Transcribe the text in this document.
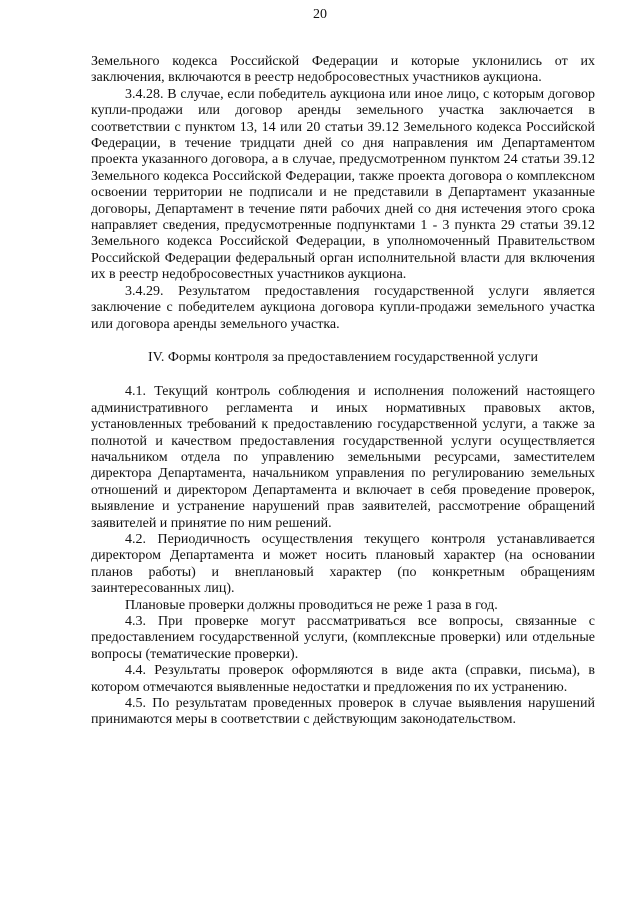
20

Земельного кодекса Российской Федерации и которые уклонились от их заключения, включаются в реестр недобросовестных участников аукциона.

3.4.28. В случае, если победитель аукциона или иное лицо, с которым договор купли-продажи или договор аренды земельного участка заключается в соответствии с пунктом 13, 14 или 20 статьи 39.12 Земельного кодекса Российской Федерации, в течение тридцати дней со дня направления им Департаментом проекта указанного договора, а в случае, предусмотренном пунктом 24 статьи 39.12 Земельного кодекса Российской Федерации, также проекта договора о комплексном освоении территории не подписали и не представили в Департамент указанные договоры, Департамент в течение пяти рабочих дней со дня истечения этого срока направляет сведения, предусмотренные подпунктами 1 - 3 пункта 29 статьи 39.12 Земельного кодекса Российской Федерации, в уполномоченный Правительством Российской Федерации федеральный орган исполнительной власти для включения их в реестр недобросовестных участников аукциона.

3.4.29. Результатом предоставления государственной услуги является заключение с победителем аукциона договора купли-продажи земельного участка или договора аренды земельного участка.

IV. Формы контроля за предоставлением государственной услуги

4.1. Текущий контроль соблюдения и исполнения положений настоящего административного регламента и иных нормативных правовых актов, установленных требований к предоставлению государственной услуги, а также за полнотой и качеством предоставления государственной услуги осуществляется начальником отдела по управлению земельными ресурсами, заместителем директора Департамента, начальником управления по регулированию земельных отношений и директором Департамента и включает в себя проведение проверок, выявление и устранение нарушений прав заявителей, рассмотрение обращений заявителей и принятие по ним решений.

4.2. Периодичность осуществления текущего контроля устанавливается директором Департамента и может носить плановый характер (на основании планов работы) и внеплановый характер (по конкретным обращениям заинтересованных лиц).

Плановые проверки должны проводиться не реже 1 раза в год.

4.3. При проверке могут рассматриваться все вопросы, связанные с предоставлением государственной услуги, (комплексные проверки) или отдельные вопросы (тематические проверки).

4.4. Результаты проверок оформляются в виде акта (справки, письма), в котором отмечаются выявленные недостатки и предложения по их устранению.

4.5. По результатам проведенных проверок в случае выявления нарушений принимаются меры в соответствии с действующим законодательством.
